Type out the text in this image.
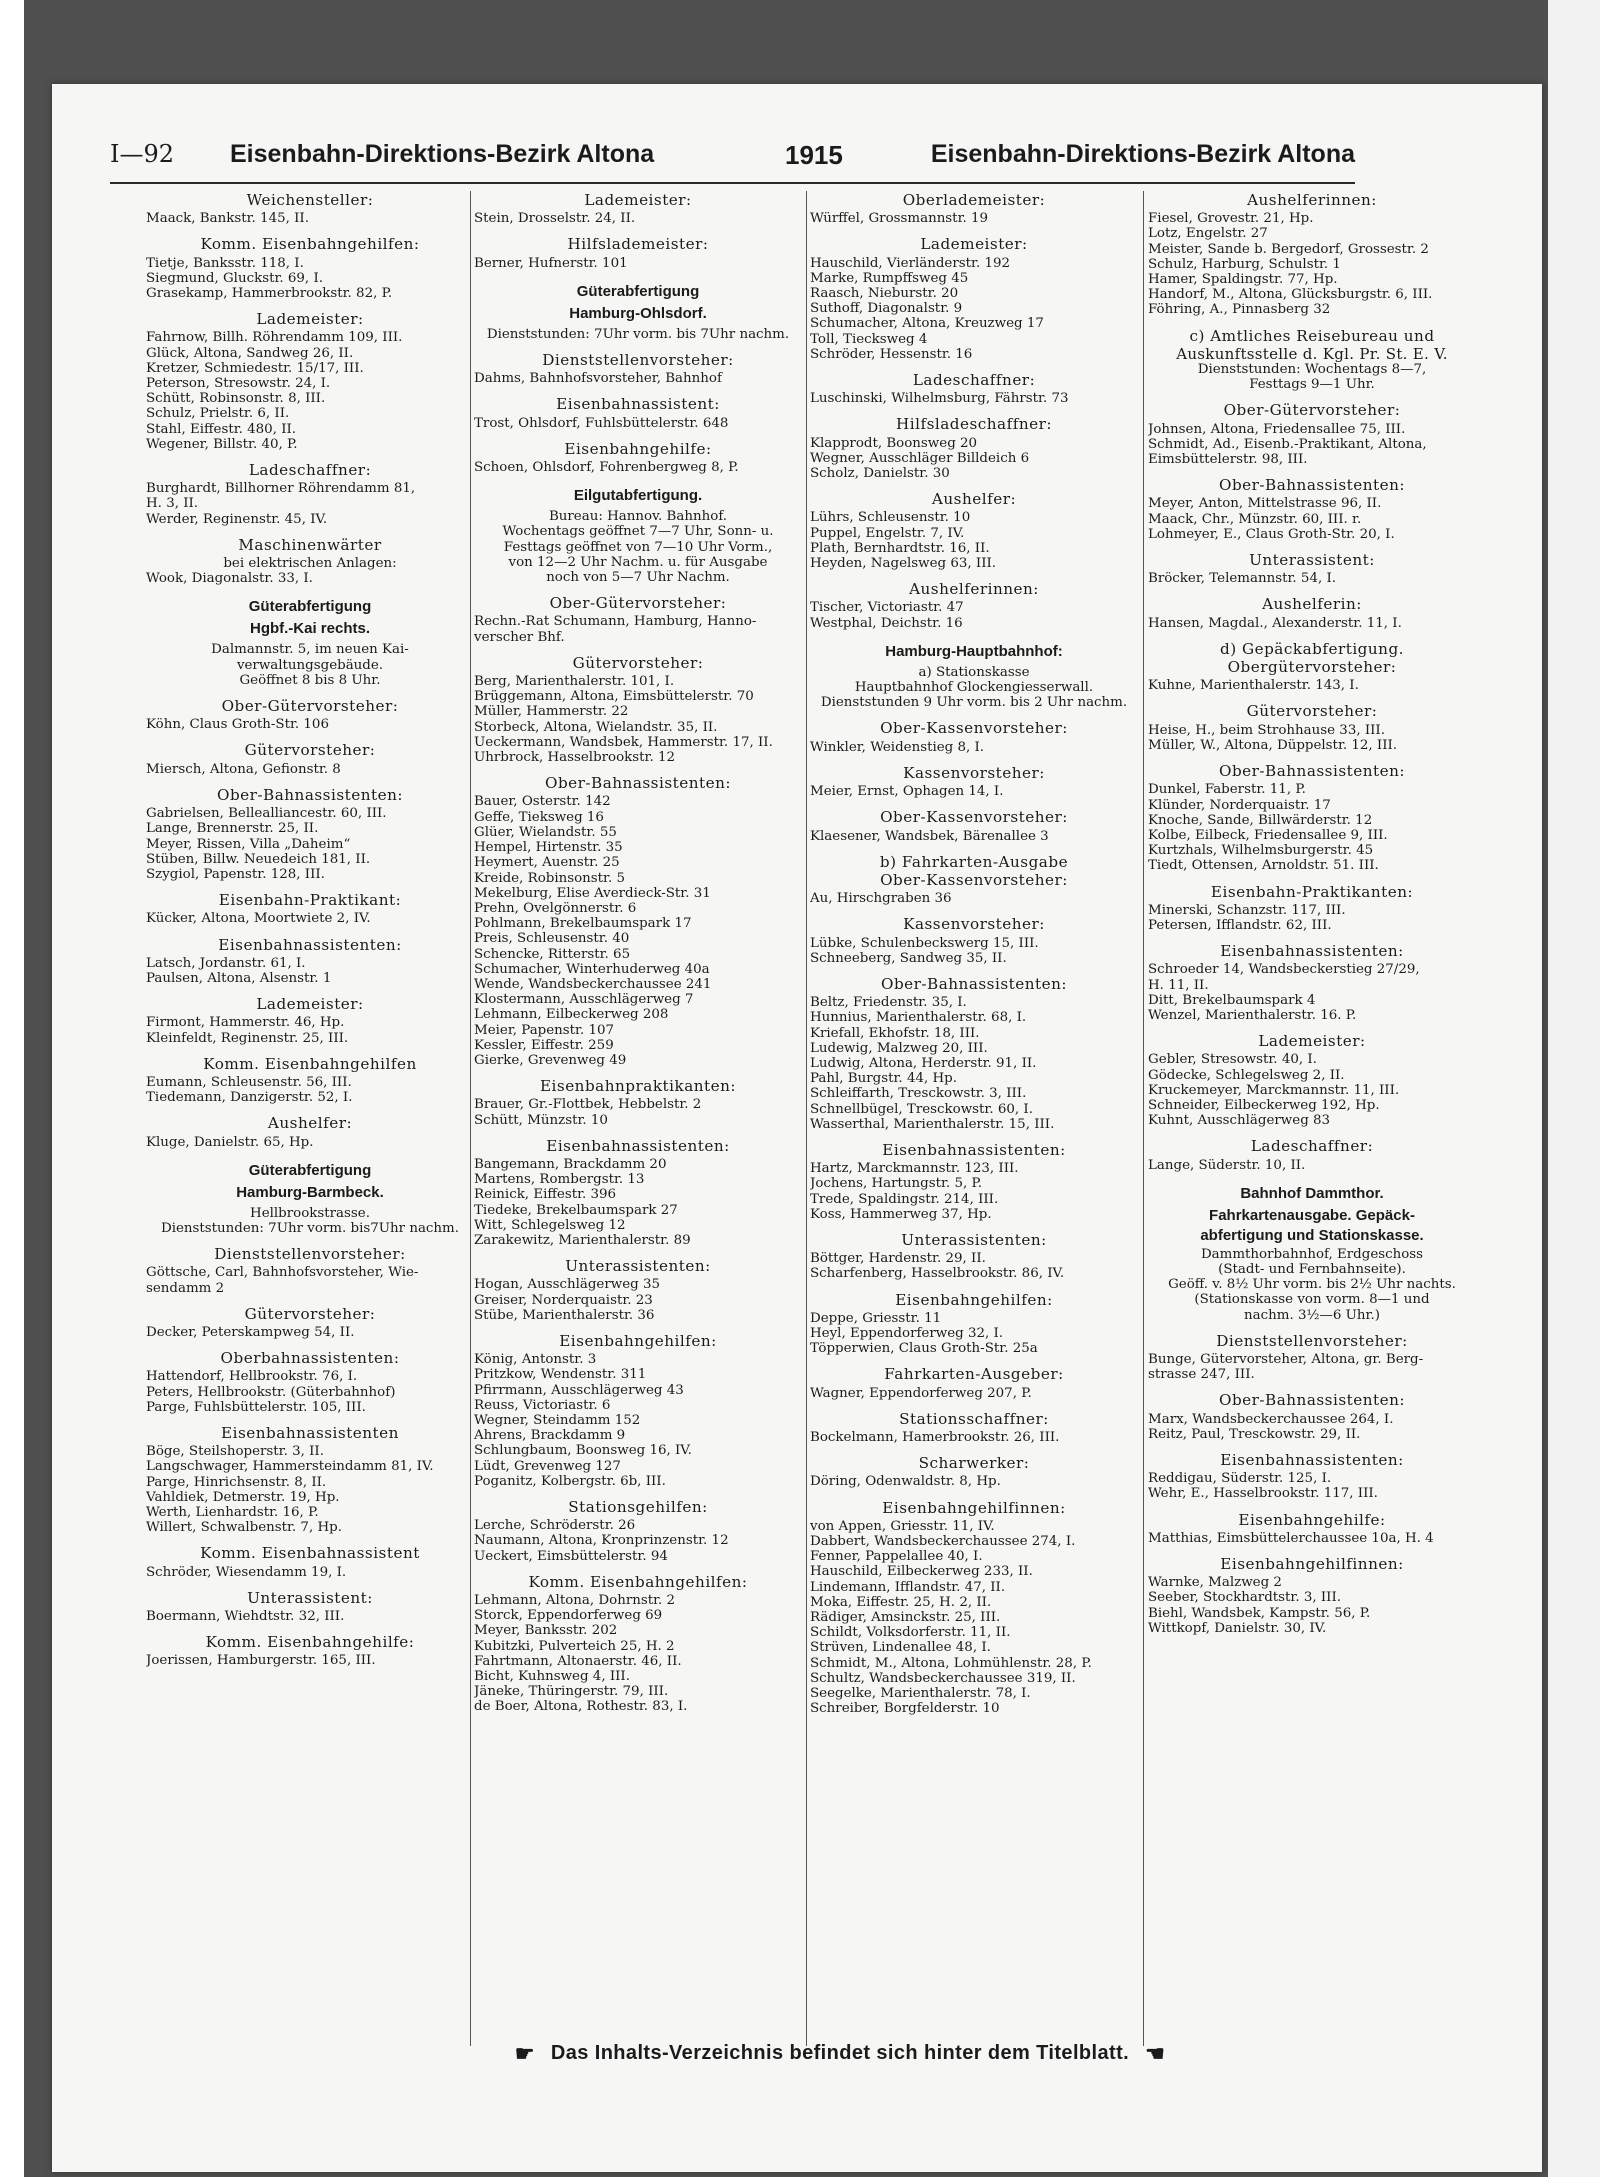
I—92 Eisenbahn-Direktions-Bezirk Altona	1915	Eisenbahn-Direktions-Bezirk Altona
Weichensteller:
Maack, Bankstr. 145, II.
Komm. Eisenbahngehilfen:
Tietje, Banksstr. 118, I.
Siegmund, Gluckstr. 69, I.
Grasekamp, Hammerbrookstr. 82, P.
Lademeister:
Fahrnow, Billh. Röhrendamm 109, III.
Glück, Altona, Sandweg 26, II.
Kretzer, Schmiedestr. 15/17, III.
Peterson, Stresowstr. 24, I.
Schütt, Robinsonstr. 8, III.
Schulz, Prielstr. 6, II.
Stahl, Eiffestr. 480, II.
Wegener, Billstr. 40, P.
Ladeschaffner:
Burghardt, Billhorner Röhrendamm 81,
H. 3, II.
Werder, Reginenstr. 45, IV.
Maschinenwärter
bei elektrischen Anlagen:
Wook, Diagonalstr. 33, I.
Güterabfertigung
Hgbf.-Kai rechts.
Dalmannstr. 5, im neuen Kai-
verwaltungsgebäude.
Geöffnet 8 bis 8 Uhr.
Ober-Gütervorsteher:
Köhn, Claus Groth-Str. 106
Gütervorsteher:
Miersch, Altona, Gefionstr. 8
Ober-Bahnassistenten:
Gabrielsen, Bellealliancestr. 60, III.
Lange, Brennerstr. 25, II.
Meyer, Rissen, Villa „Daheim“
Stüben, Billw. Neuedeich 181, II.
Szygiol, Papenstr. 128, III.
Eisenbahn-Praktikant:
Kücker, Altona, Moortwiete 2, IV.
Eisenbahnassistenten:
Latsch, Jordanstr. 61, I.
Paulsen, Altona, Alsenstr. 1
Lademeister:
Firmont, Hammerstr. 46, Hp.
Kleinfeldt, Reginenstr. 25, III.
Komm. Eisenbahngehilfen
Eumann, Schleusenstr. 56, III.
Tiedemann, Danzigerstr. 52, I.
Aushelfer:
Kluge, Danielstr. 65, Hp.
Güterabfertigung
Hamburg-Barmbeck.
Hellbrookstrasse.
Dienststunden: 7Uhr vorm. bis7Uhr nachm.
Dienststellenvorsteher:
Göttsche, Carl, Bahnhofsvorsteher, Wie-
sendamm 2
Gütervorsteher:
Decker, Peterskampweg 54, II.
Oberbahnassistenten:
Hattendorf, Hellbrookstr. 76, I.
Peters, Hellbrookstr. (Güterbahnhof)
Parge, Fuhlsbüttelerstr. 105, III.
Eisenbahnassistenten
Böge, Steilshoperstr. 3, II.
Langschwager, Hammersteindamm 81, IV.
Parge, Hinrichsenstr. 8, II.
Vahldiek, Detmerstr. 19, Hp.
Werth, Lienhardstr. 16, P.
Willert, Schwalbenstr. 7, Hp.
Komm. Eisenbahnassistent
Schröder, Wiesendamm 19, I.
Unterassistent:
Boermann, Wiehdtstr. 32, III.
Komm. Eisenbahngehilfe:
Joerissen, Hamburgerstr. 165, III.
Lademeister:
Stein, Drosselstr. 24, II.
Hilfslademeister:
Berner, Hufnerstr. 101
Güterabfertigung
Hamburg-Ohlsdorf.
Dienststunden: 7Uhr vorm. bis 7Uhr nachm.
Dienststellenvorsteher:
Dahms, Bahnhofsvorsteher, Bahnhof
Eisenbahnassistent:
Trost, Ohlsdorf, Fuhlsbüttelerstr. 648
Eisenbahngehilfe:
Schoen, Ohlsdorf, Fohrenbergweg 8, P.
Eilgutabfertigung.
Bureau: Hannov. Bahnhof.
Wochentags geöffnet 7—7 Uhr, Sonn- u.
Festtags geöffnet von 7—10 Uhr Vorm.,
von 12—2 Uhr Nachm. u. für Ausgabe
noch von 5—7 Uhr Nachm.
Ober-Gütervorsteher:
Rechn.-Rat Schumann, Hamburg, Hanno-
verscher Bhf.
Gütervorsteher:
Berg, Marienthalerstr. 101, I.
Brüggemann, Altona, Eimsbüttelerstr. 70
Müller, Hammerstr. 22
Storbeck, Altona, Wielandstr. 35, II.
Ueckermann, Wandsbek, Hammerstr. 17, II.
Uhrbrock, Hasselbrookstr. 12
Ober-Bahnassistenten:
Bauer, Osterstr. 142
Geffe, Tieksweg 16
Glüer, Wielandstr. 55
Hempel, Hirtenstr. 35
Heymert, Auenstr. 25
Kreide, Robinsonstr. 5
Mekelburg, Elise Averdieck-Str. 31
Prehn, Övelgönnerstr. 6
Pohlmann, Brekelbaumspark 17
Preis, Schleusenstr. 40
Schencke, Ritterstr. 65
Schumacher, Winterhuderweg 40a
Wende, Wandsbeckerchaussee 241
Klostermann, Ausschlägerweg 7
Lehmann, Eilbeckerweg 208
Meier, Papenstr. 107
Kessler, Eiffestr. 259
Gierke, Grevenweg 49
Eisenbahnpraktikanten:
Brauer, Gr.-Flottbek, Hebbelstr. 2
Schütt, Münzstr. 10
Eisenbahnassistenten:
Bangemann, Brackdamm 20
Martens, Rombergstr. 13
Reinick, Eiffestr. 396
Tiedeke, Brekelbaumspark 27
Witt, Schlegelsweg 12
Zarakewitz, Marienthalerstr. 89
Unterassistenten:
Hogan, Ausschlägerweg 35
Greiser, Norderquaistr. 23
Stübe, Marienthalerstr. 36
Eisenbahngehilfen:
König, Antonstr. 3
Pritzkow, Wendenstr. 311
Pfirrmann, Ausschlägerweg 43
Reuss, Victoriastr. 6
Wegner, Steindamm 152
Ahrens, Brackdamm 9
Schlungbaum, Boonsweg 16, IV.
Lüdt, Grevenweg 127
Poganitz, Kolbergstr. 6b, III.
Stationsgehilfen:
Lerche, Schröderstr. 26
Naumann, Altona, Kronprinzenstr. 12
Ueckert, Eimsbüttelerstr. 94
Komm. Eisenbahngehilfen:
Lehmann, Altona, Dohrnstr. 2
Storck, Eppendorferweg 69
Meyer, Banksstr. 202
Kubitzki, Pulverteich 25, H. 2
Fahrtmann, Altonaerstr. 46, II.
Bicht, Kuhnsweg 4, III.
Jäneke, Thüringerstr. 79, III.
de Boer, Altona, Rothestr. 83, I.
Oberlademeister:
Würffel, Grossmannstr. 19
Lademeister:
Hauschild, Vierländerstr. 192
Marke, Rumpffsweg 45
Raasch, Nieburstr. 20
Suthoff, Diagonalstr. 9
Schumacher, Altona, Kreuzweg 17
Toll, Tiecksweg 4
Schröder, Hessenstr. 16
Ladeschaffner:
Luschinski, Wilhelmsburg, Fährstr. 73
Hilfsladeschaffner:
Klapprodt, Boonsweg 20
Wegner, Ausschläger Billdeich 6
Scholz, Danielstr. 30
Aushelfer:
Lührs, Schleusenstr. 10
Puppel, Engelstr. 7, IV.
Plath, Bernhardtstr. 16, II.
Heyden, Nagelsweg 63, III.
Aushelferinnen:
Tischer, Victoriastr. 47
Westphal, Deichstr. 16
Hamburg-Hauptbahnhof:
a) Stationskasse
Hauptbahnhof Glockengiesserwall.
Dienststunden 9 Uhr vorm. bis 2 Uhr nachm.
Ober-Kassenvorsteher:
Winkler, Weidenstieg 8, I.
Kassenvorsteher:
Meier, Ernst, Ophagen 14, I.
Ober-Kassenvorsteher:
Klaesener, Wandsbek, Bärenallee 3
b) Fahrkarten-Ausgabe
Ober-Kassenvorsteher:
Au, Hirschgraben 36
Kassenvorsteher:
Lübke, Schulenbeckswerg 15, III.
Schneeberg, Sandweg 35, II.
Ober-Bahnassistenten:
Beltz, Friedenstr. 35, I.
Hunnius, Marienthalerstr. 68, I.
Kriefall, Ekhofstr. 18, III.
Ludewig, Malzweg 20, III.
Ludwig, Altona, Herderstr. 91, II.
Pahl, Burgstr. 44, Hp.
Schleiffarth, Tresckowstr. 3, III.
Schnellbügel, Tresckowstr. 60, I.
Wasserthal, Marienthalerstr. 15, III.
Eisenbahnassistenten:
Hartz, Marckmannstr. 123, III.
Jochens, Hartungstr. 5, P.
Trede, Spaldingstr. 214, III.
Koss, Hammerweg 37, Hp.
Unterassistenten:
Böttger, Hardenstr. 29, II.
Scharfenberg, Hasselbrookstr. 86, IV.
Eisenbahngehilfen:
Deppe, Griesstr. 11
Heyl, Eppendorferweg 32, I.
Töpperwien, Claus Groth-Str. 25a
Fahrkarten-Ausgeber:
Wagner, Eppendorferweg 207, P.
Stationsschaffner:
Bockelmann, Hamerbrookstr. 26, III.
Scharwerker:
Döring, Odenwaldstr. 8, Hp.
Eisenbahngehilfinnen:
von Appen, Griesstr. 11, IV.
Dabbert, Wandsbeckerchaussee 274, I.
Fenner, Pappelallee 40, I.
Hauschild, Eilbeckerweg 233, II.
Lindemann, Ifflandstr. 47, II.
Moka, Eiffestr. 25, H. 2, II.
Rädiger, Amsinckstr. 25, III.
Schildt, Volksdorferstr. 11, II.
Strüven, Lindenallee 48, I.
Schmidt, M., Altona, Lohmühlenstr. 28, P.
Schultz, Wandsbeckerchaussee 319, II.
Seegelke, Marienthalerstr. 78, I.
Schreiber, Borgfelderstr. 10
Aushelferinnen:
Fiesel, Grovestr. 21, Hp.
Lotz, Engelstr. 27
Meister, Sande b. Bergedorf, Grossestr. 2
Schulz, Harburg, Schulstr. 1
Hamer, Spaldingstr. 77, Hp.
Handorf, M., Altona, Glücksburgstr. 6, III.
Föhring, A., Pinnasberg 32
c) Amtliches Reisebureau und
Auskunftsstelle d. Kgl. Pr. St. E. V.
Dienststunden: Wochentags 8—7,
Festtags 9—1 Uhr.
Ober-Gütervorsteher:
Johnsen, Altona, Friedensallee 75, III.
Schmidt, Ad., Eisenb.-Praktikant, Altona,
Eimsbüttelerstr. 98, III.
Ober-Bahnassistenten:
Meyer, Anton, Mittelstrasse 96, II.
Maack, Chr., Münzstr. 60, III. r.
Lohmeyer, E., Claus Groth-Str. 20, I.
Unterassistent:
Bröcker, Telemannstr. 54, I.
Aushelferin:
Hansen, Magdal., Alexanderstr. 11, I.
d) Gepäckabfertigung.
Obergütervorsteher:
Kuhne, Marienthalerstr. 143, I.
Gütervorsteher:
Heise, H., beim Strohhause 33, III.
Müller, W., Altona, Düppelstr. 12, III.
Ober-Bahnassistenten:
Dunkel, Faberstr. 11, P.
Klünder, Norderquaistr. 17
Knoche, Sande, Billwärderstr. 12
Kolbe, Eilbeck, Friedensallee 9, III.
Kurtzhals, Wilhelmsburgerstr. 45
Tiedt, Ottensen, Arnoldstr. 51. III.
Eisenbahn-Praktikanten:
Minerski, Schanzstr. 117, III.
Petersen, Ifflandstr. 62, III.
Eisenbahnassistenten:
Schroeder 14, Wandsbeckerstieg 27/29,
H. 11, II.
Ditt, Brekelbaumspark 4
Wenzel, Marienthalerstr. 16. P.
Lademeister:
Gebler, Stresowstr. 40, I.
Gödecke, Schlegelsweg 2, II.
Kruckemeyer, Marckmannstr. 11, III.
Schneider, Eilbeckerweg 192, Hp.
Kuhnt, Ausschlägerweg 83
Ladeschaffner:
Lange, Süderstr. 10, II.
Bahnhof Dammthor.
Fahrkartenausgabe. Gepäck-
abfertigung und Stationskasse.
Dammthorbahnhof, Erdgeschoss
(Stadt- und Fernbahnseite).
Geöff. v. 8½ Uhr vorm. bis 2½ Uhr nachts.
(Stationskasse von vorm. 8—1 und
nachm. 3½—6 Uhr.)
Dienststellenvorsteher:
Bunge, Gütervorsteher, Altona, gr. Berg-
strasse 247, III.
Ober-Bahnassistenten:
Marx, Wandsbeckerchaussee 264, I.
Reitz, Paul, Tresckowstr. 29, II.
Eisenbahnassistenten:
Reddigau, Süderstr. 125, I.
Wehr, E., Hasselbrookstr. 117, III.
Eisenbahngehilfe:
Matthias, Eimsbüttelerchaussee 10a, H. 4
Eisenbahngehilfinnen:
Warnke, Malzweg 2
Seeber, Stockhardtstr. 3, III.
Biehl, Wandsbek, Kampstr. 56, P.
Wittkopf, Danielstr. 30, IV.
☛ Das Inhalts-Verzeichnis befindet sich hinter dem Titelblatt. ☚
